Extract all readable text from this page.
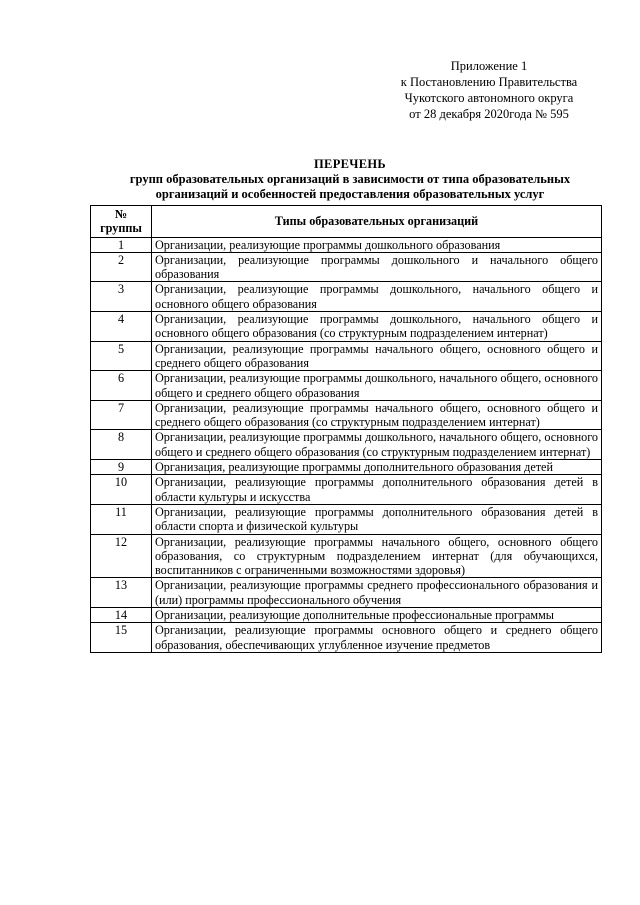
Приложение 1
к Постановлению Правительства
Чукотского автономного округа
от 28 декабря 2020года № 595
ПЕРЕЧЕНЬ
групп образовательных организаций в зависимости от типа образовательных
организаций и особенностей предоставления образовательных услуг
№ группы	Типы образовательных организаций
1	Организации, реализующие программы дошкольного образования
2	Организации, реализующие программы дошкольного и начального общего образования
3	Организации, реализующие программы дошкольного, начального общего и основного общего образования
4	Организации, реализующие программы дошкольного, начального общего и основного общего образования (со структурным подразделением интернат)
5	Организации, реализующие программы начального общего, основного общего и среднего общего образования
6	Организации, реализующие программы дошкольного, начального общего, основного общего и среднего общего образования
7	Организации, реализующие программы начального общего, основного общего и среднего общего образования (со структурным подразделением интернат)
8	Организации, реализующие программы дошкольного, начального общего, основного общего и среднего общего образования (со структурным подразделением интернат)
9	Организация, реализующие программы дополнительного образования детей
10	Организации, реализующие программы дополнительного образования детей в области культуры и искусства
11	Организации, реализующие программы дополнительного образования детей в области спорта и физической культуры
12	Организации, реализующие программы начального общего, основного общего образования, со структурным подразделением интернат (для обучающихся, воспитанников с ограниченными возможностями здоровья)
13	Организации, реализующие программы среднего профессионального образования и (или) программы профессионального обучения
14	Организации, реализующие дополнительные профессиональные программы
15	Организации, реализующие программы основного общего и среднего общего образования, обеспечивающих углубленное изучение предметов
